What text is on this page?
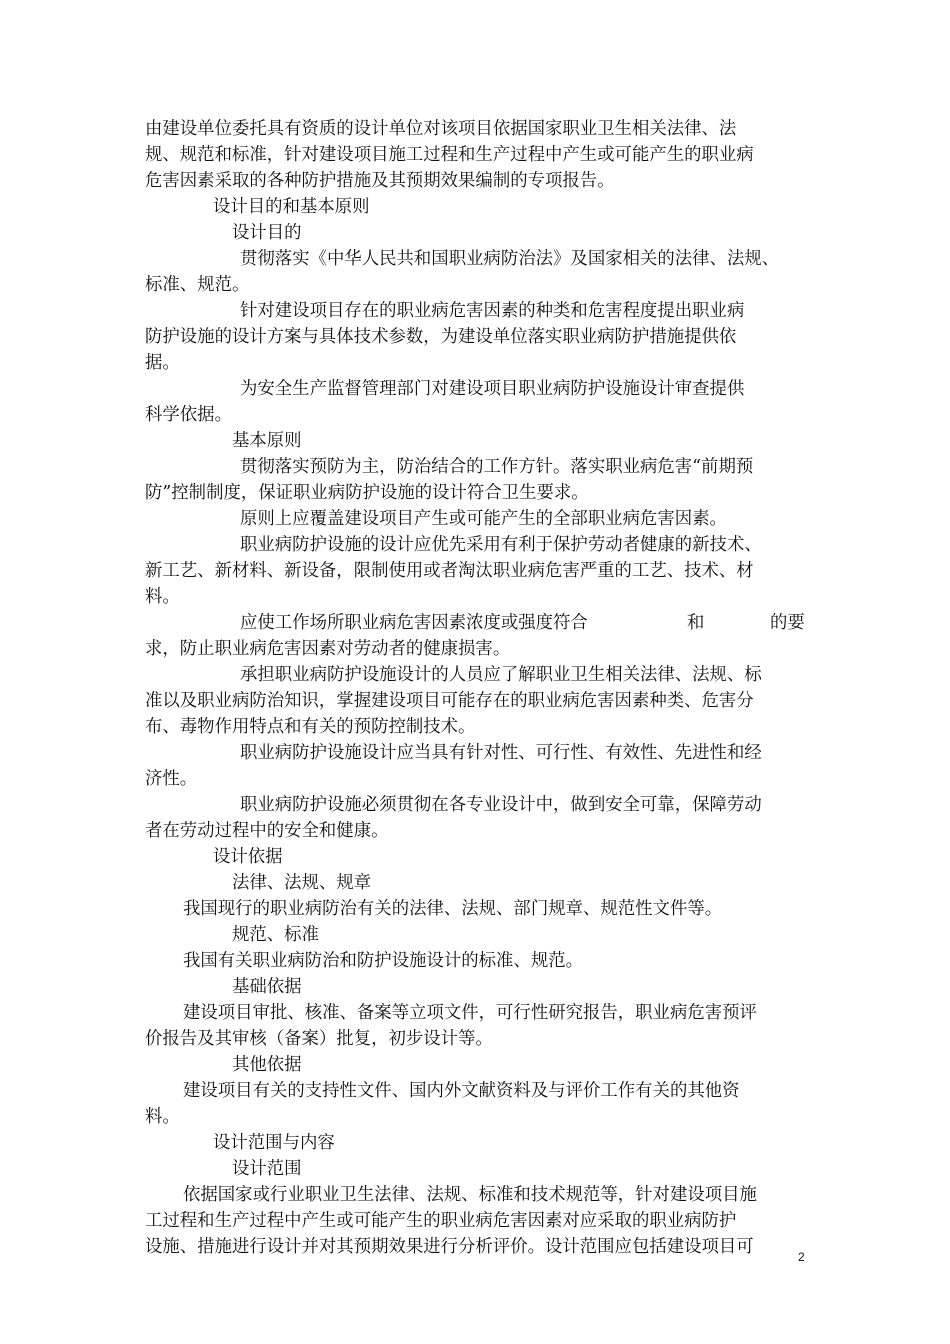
由建设单位委托具有资质的设计单位对该项目依据国家职业卫生相关法律、法
规、规范和标准，针对建设项目施工过程和生产过程中产生或可能产生的职业病
危害因素采取的各种防护措施及其预期效果编制的专项报告。
设计目的和基本原则
设计目的
贯彻落实《中华人民共和国职业病防治法》及国家相关的法律、法规、
标准、规范。
针对建设项目存在的职业病危害因素的种类和危害程度提出职业病
防护设施的设计方案与具体技术参数，为建设单位落实职业病防护措施提供依
据。
为安全生产监督管理部门对建设项目职业病防护设施设计审查提供
科学依据。
基本原则
贯彻落实预防为主，防治结合的工作方针。落实职业病危害“前期预
防”控制制度，保证职业病防护设施的设计符合卫生要求。
原则上应覆盖建设项目产生或可能产生的全部职业病危害因素。
职业病防护设施的设计应优先采用有利于保护劳动者健康的新技术、
新工艺、新材料、新设备，限制使用或者淘汰职业病危害严重的工艺、技术、材
料。
应使工作场所职业病危害因素浓度或强度符合	和	的要
求，防止职业病危害因素对劳动者的健康损害。
承担职业病防护设施设计的人员应了解职业卫生相关法律、法规、标
准以及职业病防治知识，掌握建设项目可能存在的职业病危害因素种类、危害分
布、毒物作用特点和有关的预防控制技术。
职业病防护设施设计应当具有针对性、可行性、有效性、先进性和经
济性。
职业病防护设施必须贯彻在各专业设计中，做到安全可靠，保障劳动
者在劳动过程中的安全和健康。
设计依据
法律、法规、规章
我国现行的职业病防治有关的法律、法规、部门规章、规范性文件等。
规范、标准
我国有关职业病防治和防护设施设计的标准、规范。
基础依据
建设项目审批、核准、备案等立项文件，可行性研究报告，职业病危害预评
价报告及其审核（备案）批复，初步设计等。
其他依据
建设项目有关的支持性文件、国内外文献资料及与评价工作有关的其他资
料。
设计范围与内容
设计范围
依据国家或行业职业卫生法律、法规、标准和技术规范等，针对建设项目施
工过程和生产过程中产生或可能产生的职业病危害因素对应采取的职业病防护
设施、措施进行设计并对其预期效果进行分析评价。设计范围应包括建设项目可	2
